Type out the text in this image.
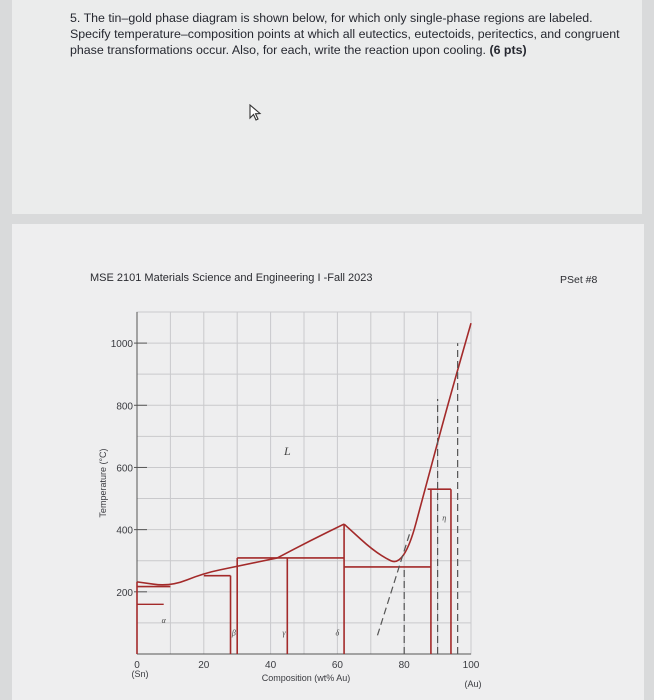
5. The tin–gold phase diagram is shown below, for which only single-phase regions are labeled. Specify temperature–composition points at which all eutectics, eutectoids, peritectics, and congruent phase transformations occur. Also, for each, write the reaction upon cooling. (6 pts)

MSE 2101 Materials Science and Engineering I -Fall 2023	PSet #8
200
400
600
800
1000
0	20	40	60	80	100
Temperature (°C)
Composition (wt% Au)
(Sn)
(Au)
L
α
β	γ	δ
η
